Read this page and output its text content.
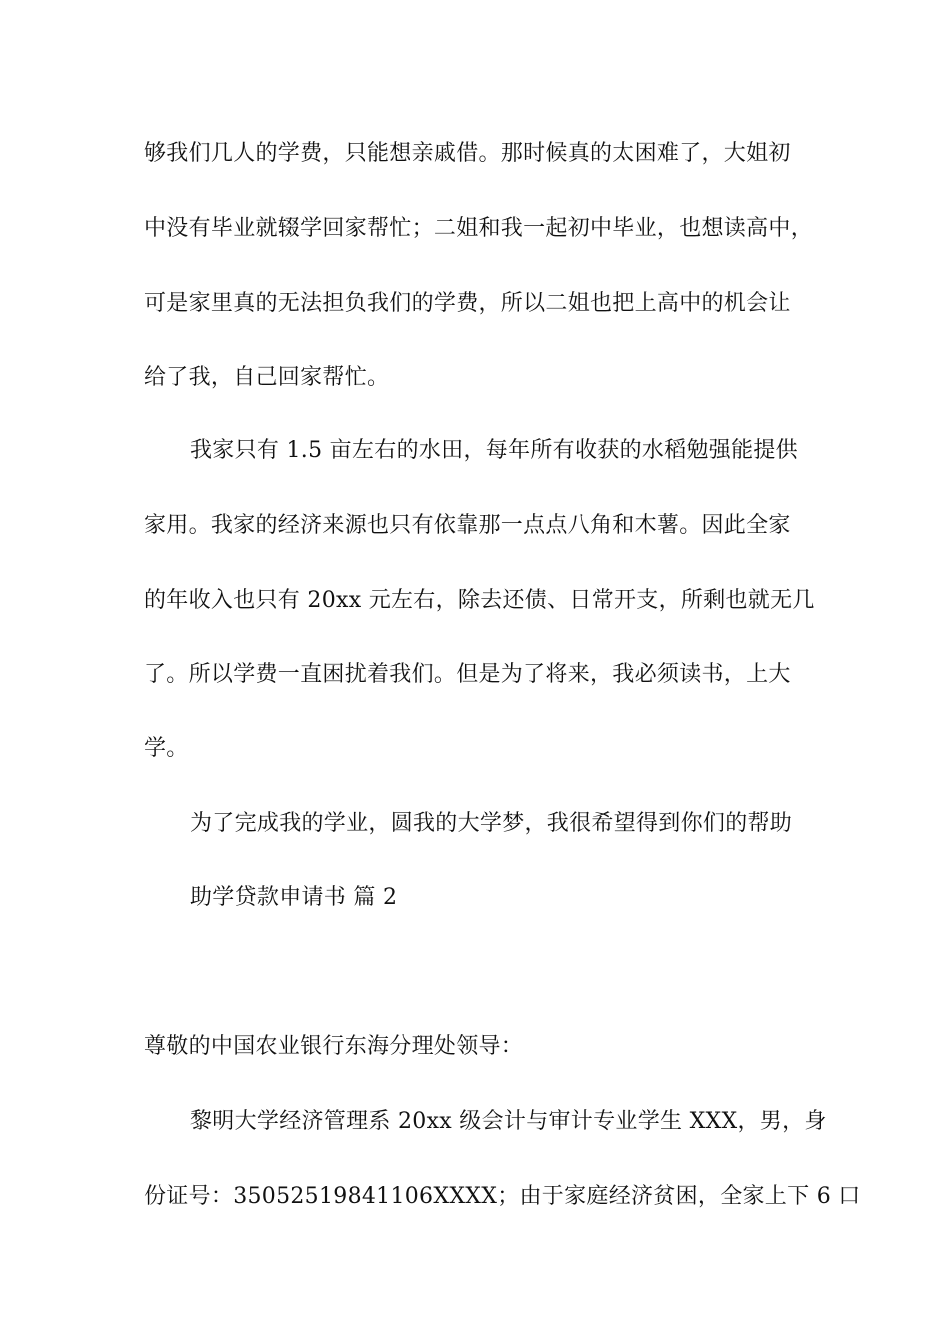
够我们几人的学费，只能想亲戚借。那时候真的太困难了，大姐初
中没有毕业就辍学回家帮忙；二姐和我一起初中毕业，也想读高中，
可是家里真的无法担负我们的学费，所以二姐也把上高中的机会让
给了我，自己回家帮忙。
我家只有 1.5 亩左右的水田，每年所有收获的水稻勉强能提供
家用。我家的经济来源也只有依靠那一点点八角和木薯。因此全家
的年收入也只有 20xx 元左右，除去还债、日常开支，所剩也就无几
了。所以学费一直困扰着我们。但是为了将来，我必须读书，上大
学。
为了完成我的学业，圆我的大学梦，我很希望得到你们的帮助
助学贷款申请书 篇 2
尊敬的中国农业银行东海分理处领导：
黎明大学经济管理系 20xx 级会计与审计专业学生 XXX，男，身
份证号：35052519841106XXXX；由于家庭经济贫困，全家上下 6 口
